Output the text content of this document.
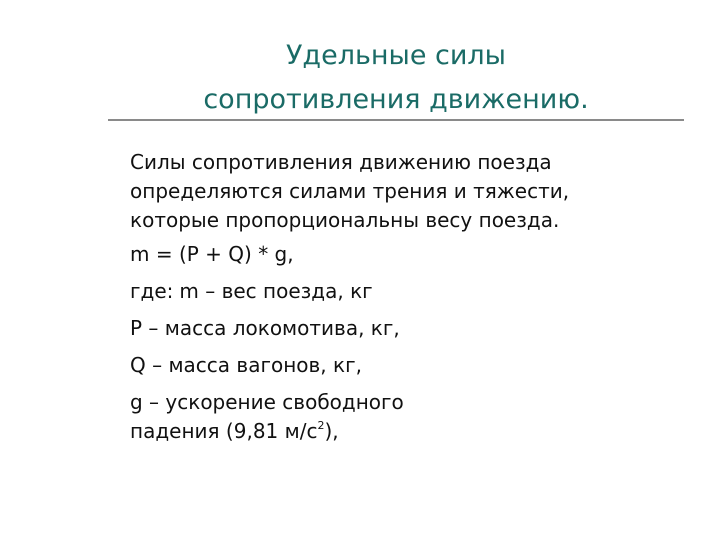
Удельные силы
сопротивления движению.

Силы сопротивления движению поезда
определяются силами трения и тяжести,
которые пропорциональны весу поезда.

m = (P + Q) * g,

где: m – вес поезда, кг

P – масса локомотива, кг,

Q – масса вагонов, кг,

g – ускорение свободного
падения (9,81 $м/с^2$),
